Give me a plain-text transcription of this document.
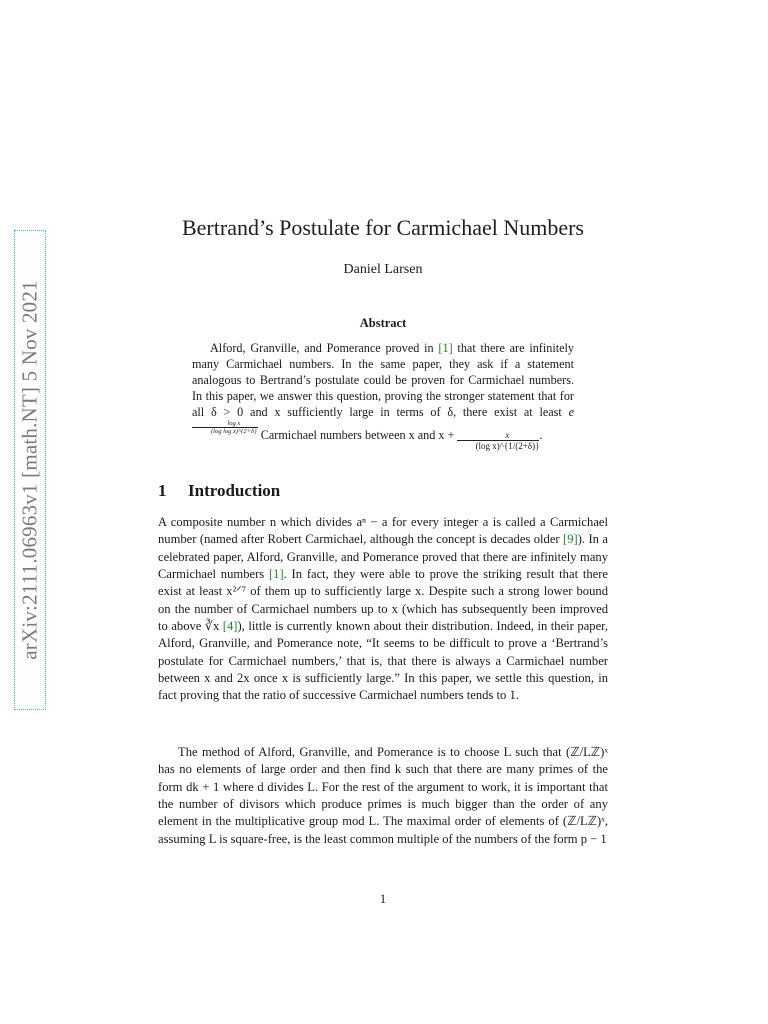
arXiv:2111.06963v1 [math.NT] 5 Nov 2021
Bertrand’s Postulate for Carmichael Numbers
Daniel Larsen
Abstract

Alford, Granville, and Pomerance proved in [1] that there are infinitely many Carmichael numbers. In the same paper, they ask if a statement analogous to Bertrand’s postulate could be proven for Carmichael numbers. In this paper, we answer this question, proving the stronger statement that for all δ > 0 and x sufficiently large in terms of δ, there exist at least e
$\frac{\text{log x}}{\text{(log log x)\textasciicircum{}\{2+δ\}}}$ Carmichael numbers between x and $x + \frac{x}{\text{(log x)\textasciicircum{}\{1/(2+δ)\}}}$ .

1 Introduction

A composite number n which divides aⁿ − a for every integer a is called a Carmichael number (named after Robert Carmichael, although the concept is decades older [9]). In a celebrated paper, Alford, Granville, and Pomerance proved that there are infinitely many Carmichael numbers [1]. In fact, they were able to prove the striking result that there exist at least x²ᐟ⁷ of them up to sufficiently large x. Despite such a strong lower bound on the number of Carmichael numbers up to x (which has subsequently been improved to above ∛x [4]), little is currently known about their distribution. Indeed, in their paper, Alford, Granville, and Pomerance note, “It seems to be difficult to prove a ‘Bertrand’s postulate for Carmichael numbers,’ that is, that there is always a Carmichael number between x and 2x once x is sufficiently large.” In this paper, we settle this question, in fact proving that the ratio of successive Carmichael numbers tends to 1.

The method of Alford, Granville, and Pomerance is to choose L such that (ℤ/Lℤ)ˣ has no elements of large order and then find k such that there are many primes of the form dk + 1 where d divides L. For the rest of the argument to work, it is important that the number of divisors which produce primes is much bigger than the order of any element in the multiplicative group mod L. The maximal order of elements of (ℤ/Lℤ)ˣ, assuming L is square-free, is the least common multiple of the numbers of the form p − 1

1
